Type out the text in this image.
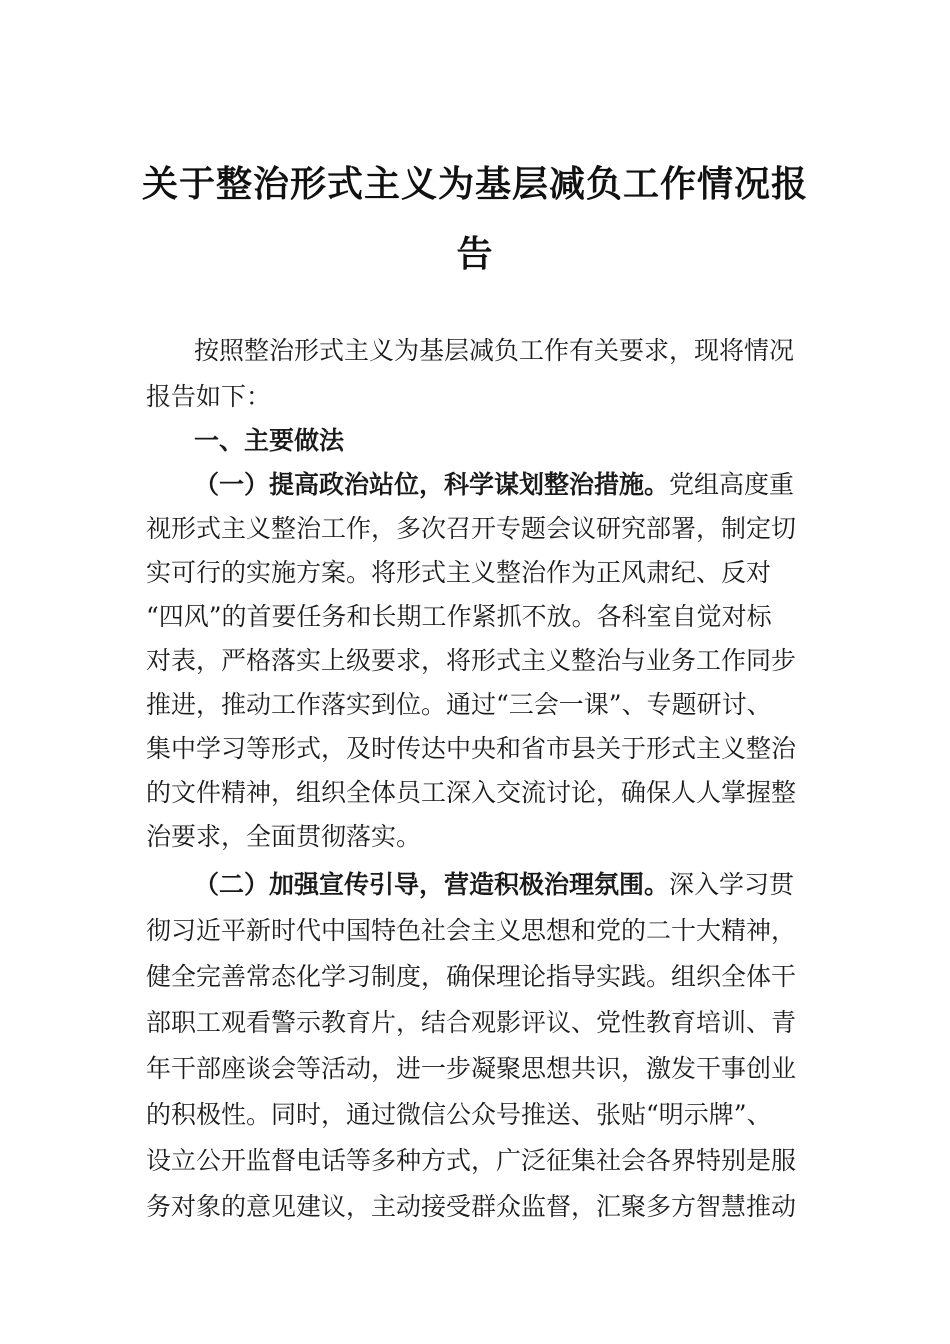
关于整治形式主义为基层减负工作情况报
告
按照整治形式主义为基层减负工作有关要求，现将情况
报告如下：
一、主要做法
（一）提高政治站位，科学谋划整治措施。党组高度重
视形式主义整治工作，多次召开专题会议研究部署，制定切
实可行的实施方案。将形式主义整治作为正风肃纪、反对
“四风”的首要任务和长期工作紧抓不放。各科室自觉对标
对表，严格落实上级要求，将形式主义整治与业务工作同步
推进，推动工作落实到位。通过“三会一课”、专题研讨、
集中学习等形式，及时传达中央和省市县关于形式主义整治
的文件精神，组织全体员工深入交流讨论，确保人人掌握整
治要求，全面贯彻落实。
（二）加强宣传引导，营造积极治理氛围。深入学习贯
彻习近平新时代中国特色社会主义思想和党的二十大精神，
健全完善常态化学习制度，确保理论指导实践。组织全体干
部职工观看警示教育片，结合观影评议、党性教育培训、青
年干部座谈会等活动，进一步凝聚思想共识，激发干事创业
的积极性。同时，通过微信公众号推送、张贴“明示牌”、
设立公开监督电话等多种方式，广泛征集社会各界特别是服
务对象的意见建议，主动接受群众监督，汇聚多方智慧推动
